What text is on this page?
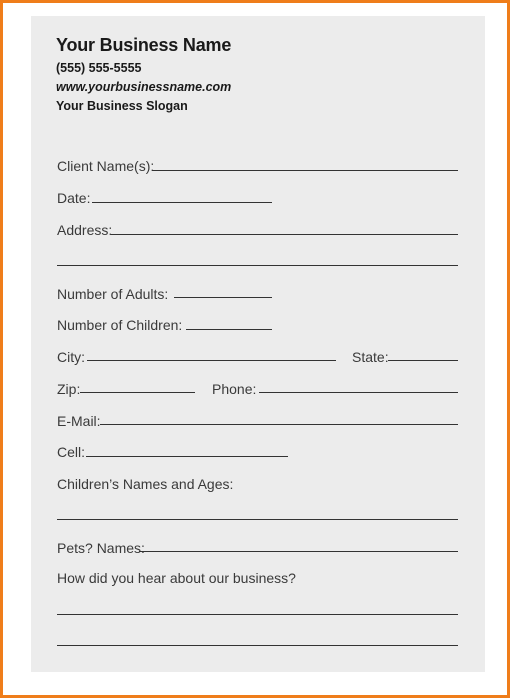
Your Business Name
(555) 555-5555
www.yourbusinessname.com
Your Business Slogan
Client Name(s):
Date:
Address:
Number of Adults:
Number of Children:
City:	State:
Zip:	Phone:
E-Mail:
Cell:
Children’s Names and Ages:
Pets? Names:
How did you hear about our business?
